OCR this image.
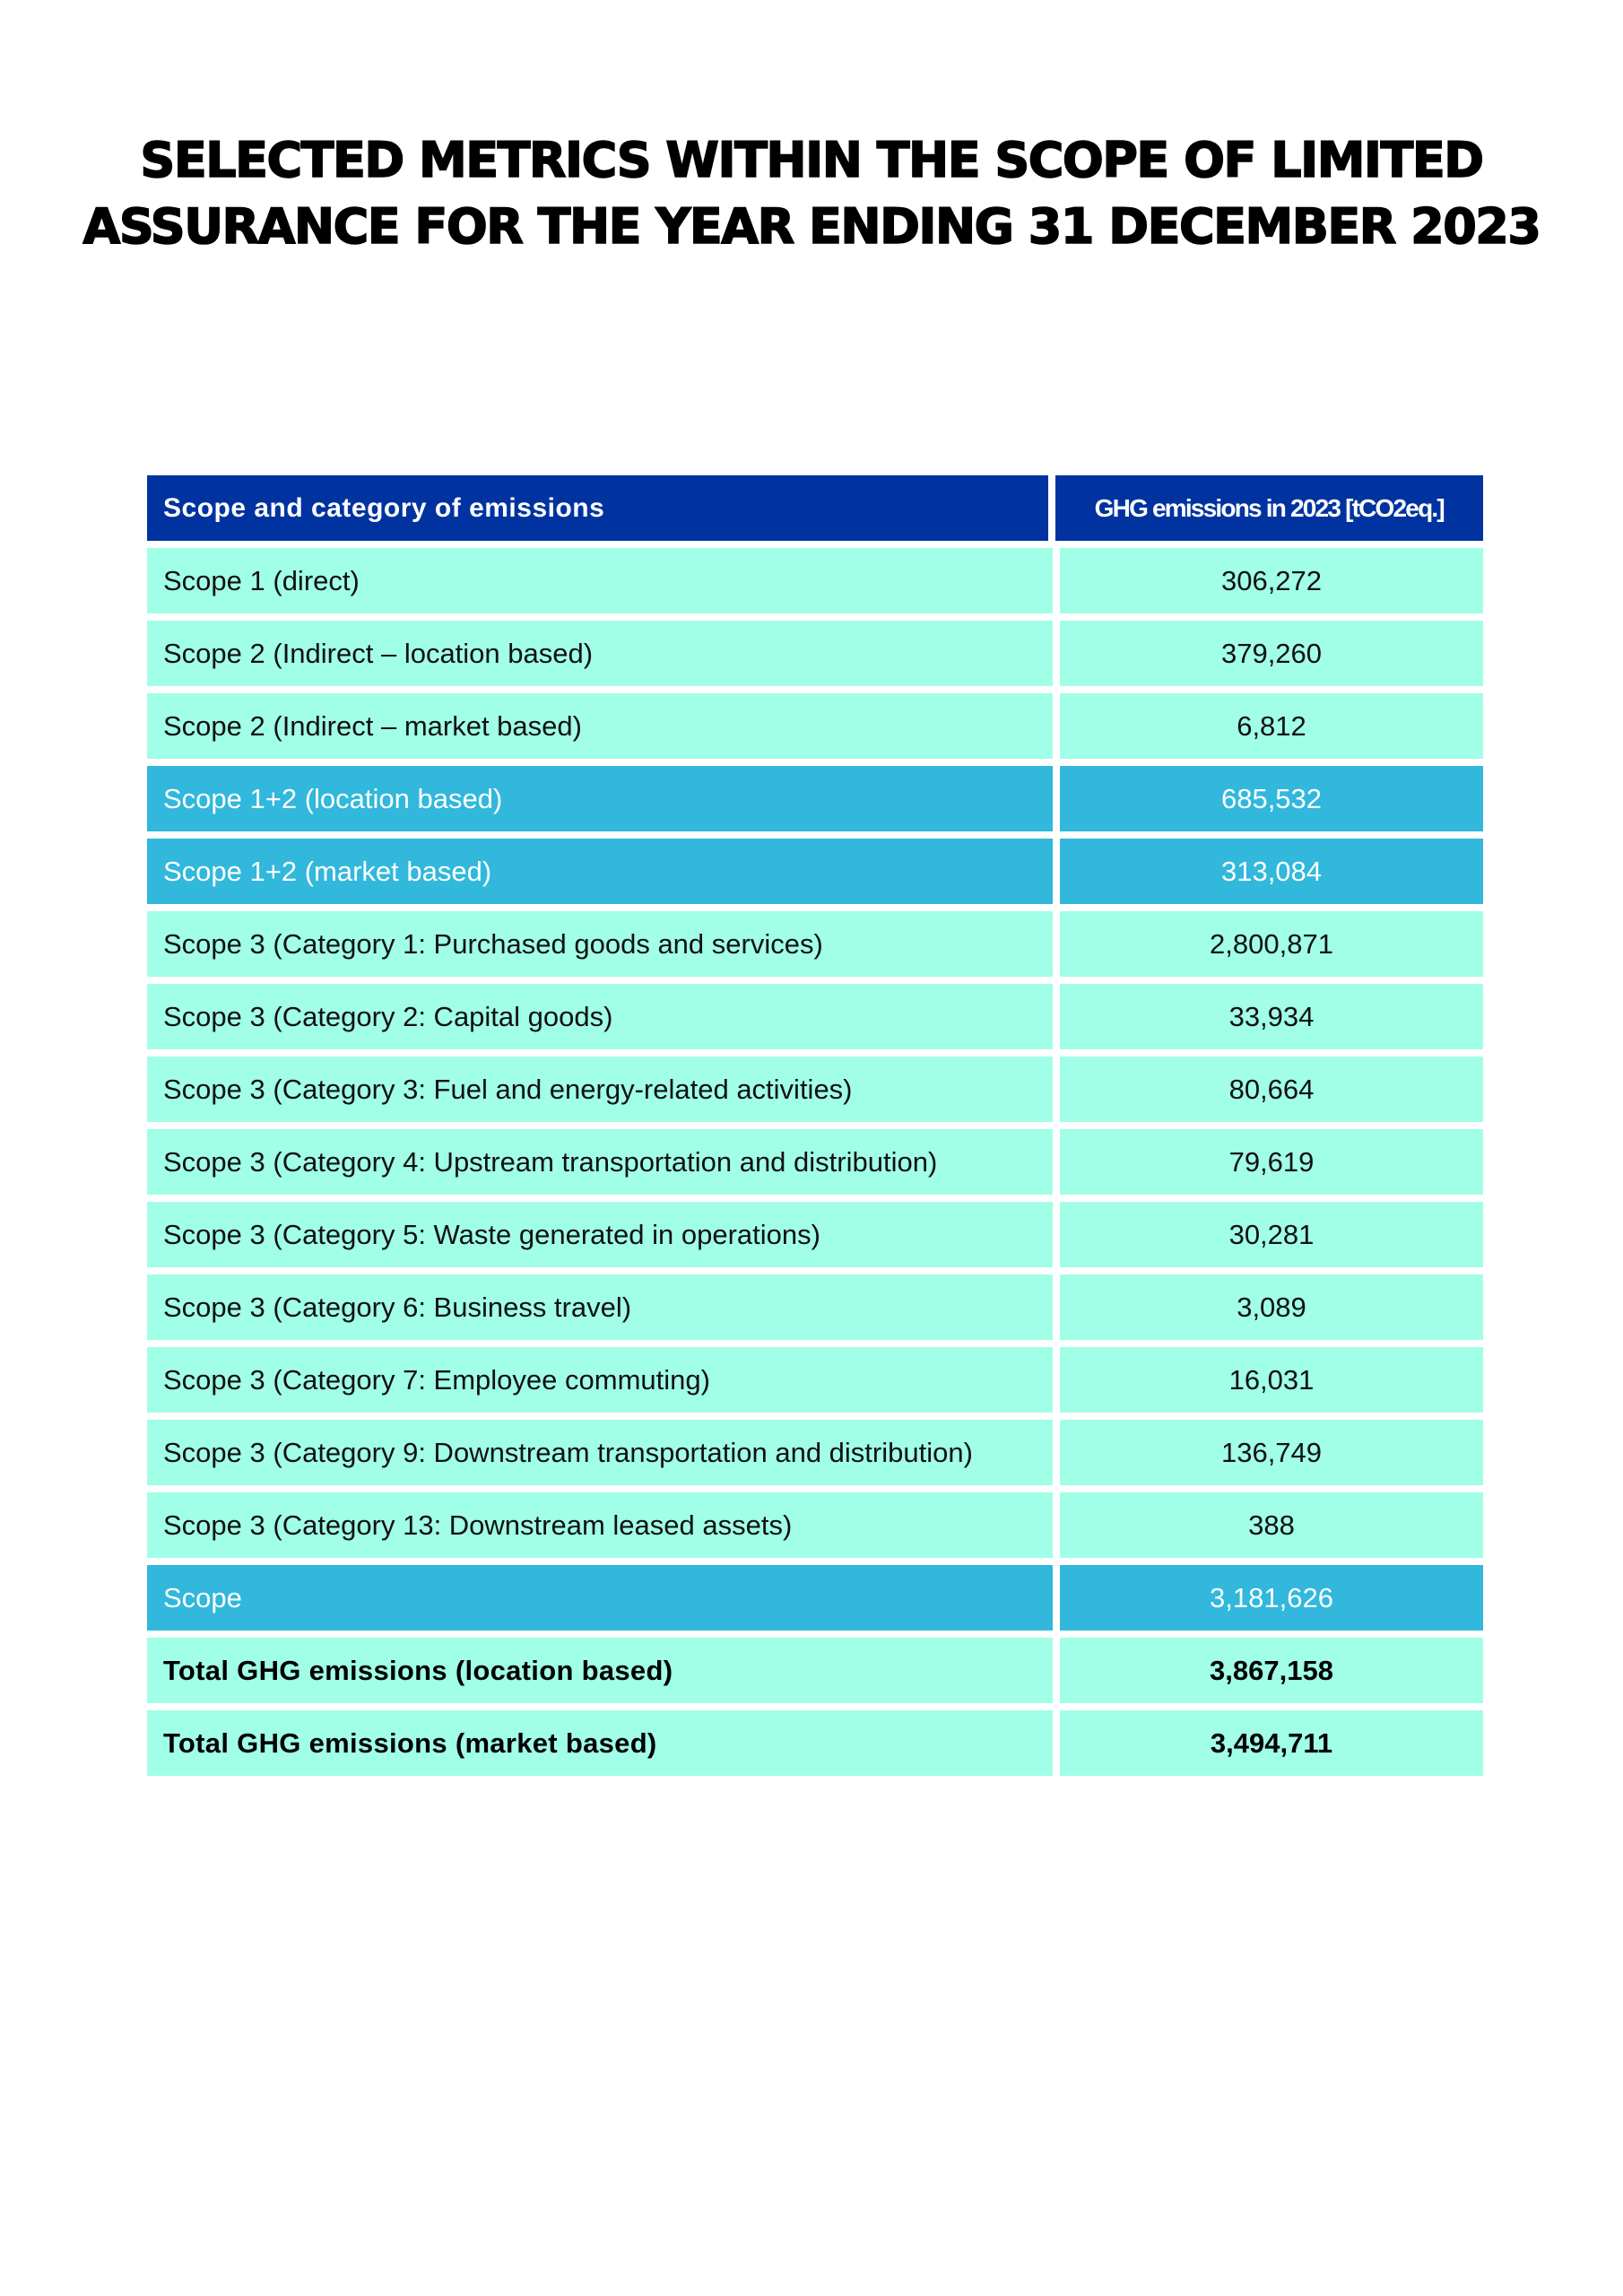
SELECTED METRICS WITHIN THE SCOPE OF LIMITED
ASSURANCE FOR THE YEAR ENDING 31 DECEMBER 2023
Scope and category of emissions	GHG emissions in 2023 [tCO2eq.]
Scope 1 (direct)	306,272
Scope 2 (Indirect – location based)	379,260
Scope 2 (Indirect – market based)	6,812
Scope 1+2 (location based)	685,532
Scope 1+2 (market based)	313,084
Scope 3 (Category 1: Purchased goods and services)	2,800,871
Scope 3 (Category 2: Capital goods)	33,934
Scope 3 (Category 3: Fuel and energy-related activities)	80,664
Scope 3 (Category 4: Upstream transportation and distribution)	79,619
Scope 3 (Category 5: Waste generated in operations)	30,281
Scope 3 (Category 6: Business travel)	3,089
Scope 3 (Category 7: Employee commuting)	16,031
Scope 3 (Category 9: Downstream transportation and distribution)	136,749
Scope 3 (Category 13: Downstream leased assets)	388
Scope	3,181,626
Total GHG emissions (location based)	3,867,158
Total GHG emissions (market based)	3,494,711
